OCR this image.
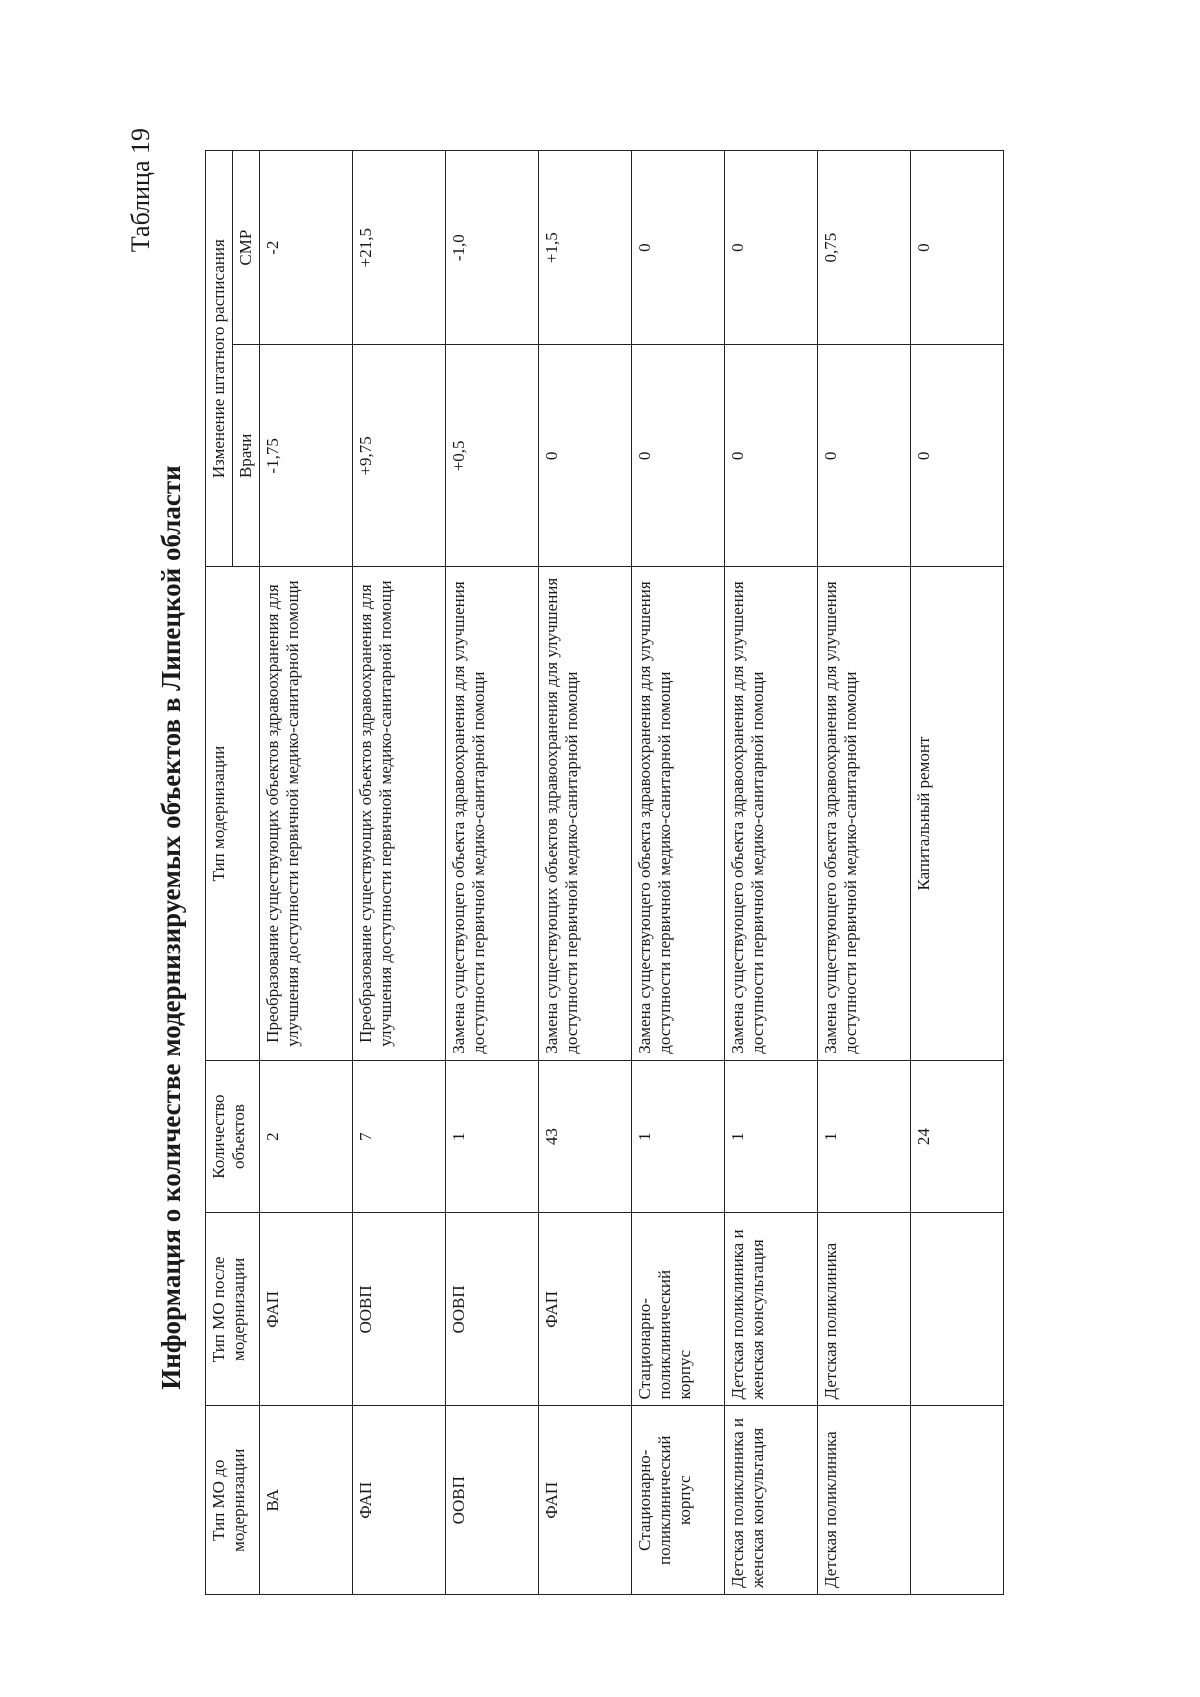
Таблица 19

Информация о количестве модернизируемых объектов в Липецкой области
Тип МО до модернизации	Тип МО после модернизации	Количество объектов	Тип модернизации	Изменение штатного расписания	
				Врачи	СМР
ВА	ФАП	2	Преобразование существующих объектов здравоохранения для улучшения доступности первичной медико-санитарной помощи	-1,75	-2
ФАП	ООВП	7	Преобразование существующих объектов здравоохранения для улучшения доступности первичной медико-санитарной помощи	+9,75	+21,5
ООВП	ООВП	1	Замена существующего объекта здравоохранения для улучшения доступности первичной медико-санитарной помощи	+0,5	-1,0
ФАП	ФАП	43	Замена существующих объектов здравоохранения для улучшения доступности первичной медико-санитарной помощи	0	+1,5
Стационарно-поликлинический корпус	Стационарно-поликлинический корпус	1	Замена существующего объекта здравоохранения для улучшения доступности первичной медико-санитарной помощи	0	0
Детская поликлиника и женская консультация	Детская поликлиника и женская консультация	1	Замена существующего объекта здравоохранения для улучшения доступности первичной медико-санитарной помощи	0	0
Детская поликлиника	Детская поликлиника	1	Замена существующего объекта здравоохранения для улучшения доступности первичной медико-санитарной помощи	0	0,75
		24	Капитальный ремонт	0	0
